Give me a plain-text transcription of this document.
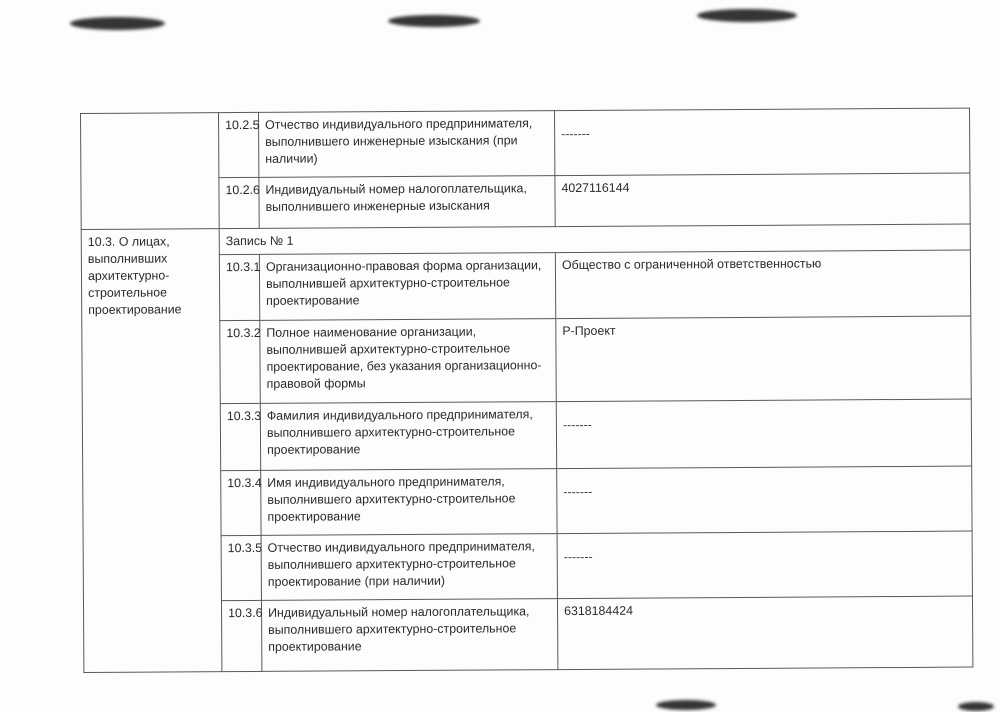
	10.2.5	Отчество индивидуального предпринимателя, выполнившего инженерные изыскания (при наличии)	-------
	10.2.6	Индивидуальный номер налогоплательщика, выполнившего инженерные изыскания	4027116144
10.3. О лицах, выполнивших архитектурно-строительное проектирование	Запись № 1		
	10.3.1	Организационно-правовая форма организации, выполнившей архитектурно-строительное проектирование	Общество с ограниченной ответственностью
	10.3.2	Полное наименование организации, выполнившей архитектурно-строительное проектирование, без указания организационно-правовой формы	Р-Проект
	10.3.3	Фамилия индивидуального предпринимателя, выполнившего архитектурно-строительное проектирование	-------
	10.3.4	Имя индивидуального предпринимателя, выполнившего архитектурно-строительное проектирование	-------
	10.3.5	Отчество индивидуального предпринимателя, выполнившего архитектурно-строительное проектирование (при наличии)	-------
	10.3.6	Индивидуальный номер налогоплательщика, выполнившего архитектурно-строительное проектирование	6318184424
